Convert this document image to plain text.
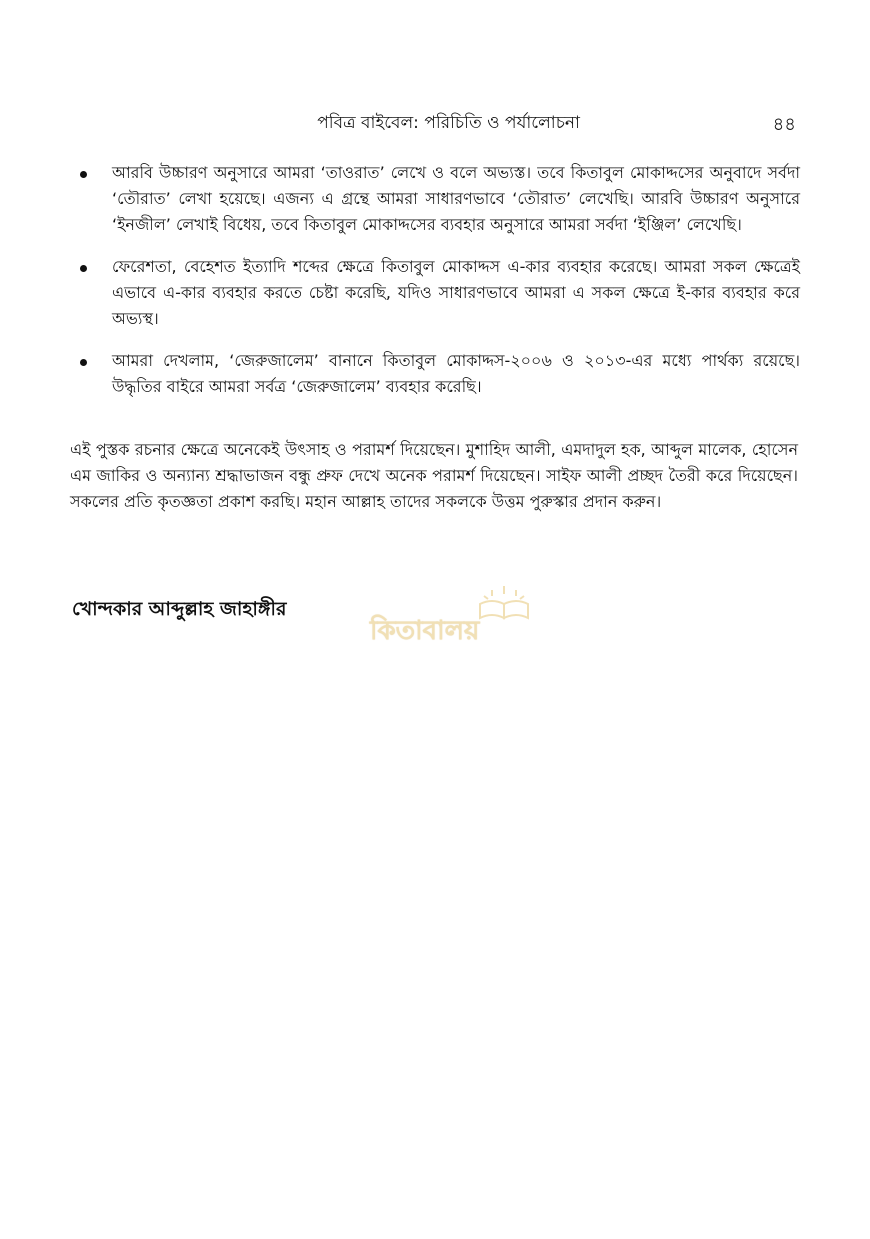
পবিত্র বাইবেল: পরিচিতি ও পর্যালোচনা	৪৪
আরবি উচ্চারণ অনুসারে আমরা ‘তাওরাত’ লেখে ও বলে অভ্যস্ত। তবে কিতাবুল মোকাদ্দসের অনুবাদে সর্বদা ‘তৌরাত’ লেখা হয়েছে। এজন্য এ গ্রন্থে আমরা সাধারণভাবে ‘তৌরাত’ লেখেছি। আরবি উচ্চারণ অনুসারে ‘ইনজীল’ লেখাই বিধেয়, তবে কিতাবুল মোকাদ্দসের ব্যবহার অনুসারে আমরা সর্বদা ‘ইঞ্জিল’ লেখেছি।
ফেরেশতা, বেহেশত ইত্যাদি শব্দের ক্ষেত্রে কিতাবুল মোকাদ্দস এ-কার ব্যবহার করেছে। আমরা সকল ক্ষেত্রেই এভাবে এ-কার ব্যবহার করতে চেষ্টা করেছি, যদিও সাধারণভাবে আমরা এ সকল ক্ষেত্রে ই-কার ব্যবহার করে অভ্যস্থ।
আমরা দেখলাম, ‘জেরুজালেম’ বানানে কিতাবুল মোকাদ্দস-২০০৬ ও ২০১৩-এর মধ্যে পার্থক্য রয়েছে। উদ্ধৃতির বাইরে আমরা সর্বত্র ‘জেরুজালেম’ ব্যবহার করেছি।

এই পুস্তক রচনার ক্ষেত্রে অনেকেই উৎসাহ ও পরামর্শ দিয়েছেন। মুশাহিদ আলী, এমদাদুল হক, আব্দুল মালেক, হোসেন এম জাকির ও অন্যান্য শ্রদ্ধাভাজন বন্ধু প্রুফ দেখে অনেক পরামর্শ দিয়েছেন। সাইফ আলী প্রচ্ছদ তৈরী করে দিয়েছেন। সকলের প্রতি কৃতজ্ঞতা প্রকাশ করছি। মহান আল্লাহ তাদের সকলকে উত্তম পুরুস্কার প্রদান করুন।

কিতাবালয়
খোন্দকার আব্দুল্লাহ জাহাঙ্গীর
